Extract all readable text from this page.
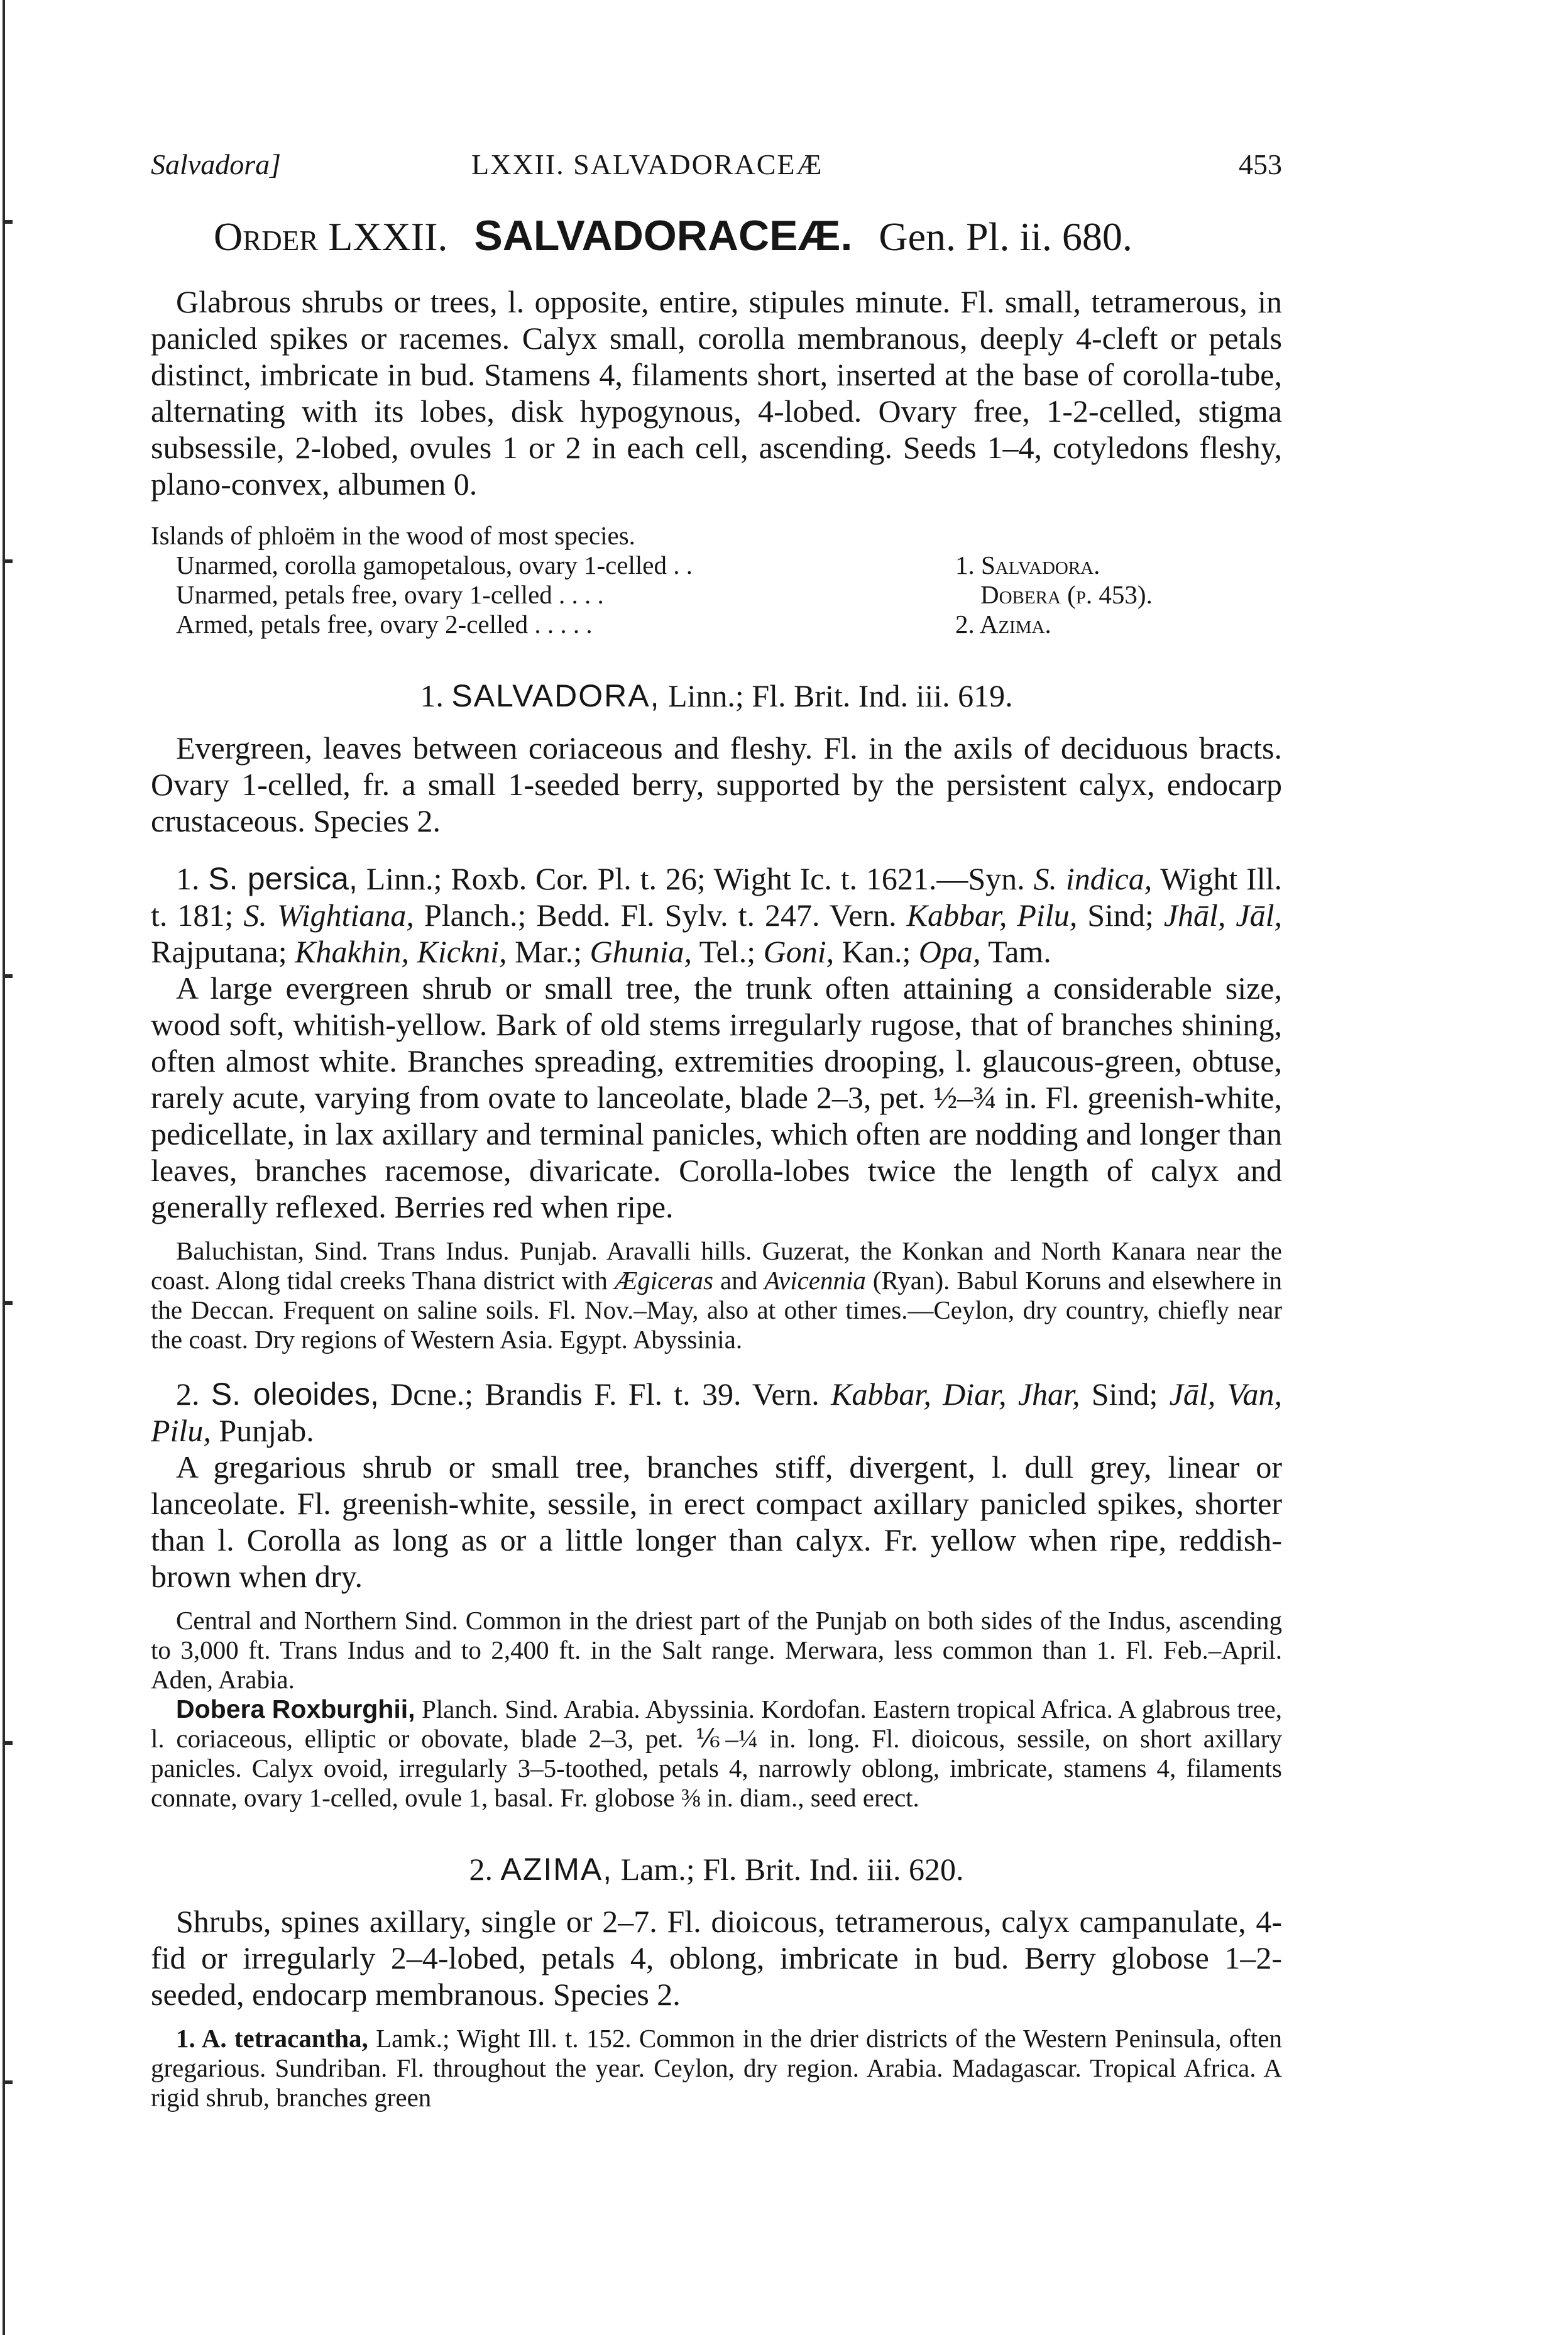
Salvadora]	LXXII. SALVADORACEÆ	453
Order LXXII. SALVADORACEÆ. Gen. Pl. ii. 680.

Glabrous shrubs or trees, l. opposite, entire, stipules minute. Fl. small, tetramerous, in panicled spikes or racemes. Calyx small, corolla membranous, deeply 4-cleft or petals distinct, imbricate in bud. Stamens 4, filaments short, inserted at the base of corolla-tube, alternating with its lobes, disk hypogynous, 4-lobed. Ovary free, 1-2-celled, stigma subsessile, 2-lobed, ovules 1 or 2 in each cell, ascending. Seeds 1–4, cotyledons fleshy, plano-convex, albumen 0.

Islands of phloëm in the wood of most species.
Unarmed, corolla gamopetalous, ovary 1-celled . .	1. Salvadora.
Unarmed, petals free, ovary 1-celled . . . .	Dobera (p. 453).
Armed, petals free, ovary 2-celled . . . . .	2. Azima.
1. SALVADORA, Linn.; Fl. Brit. Ind. iii. 619.

Evergreen, leaves between coriaceous and fleshy. Fl. in the axils of deciduous bracts. Ovary 1-celled, fr. a small 1-seeded berry, supported by the persistent calyx, endocarp crustaceous. Species 2.

1. S. persica, Linn.; Roxb. Cor. Pl. t. 26; Wight Ic. t. 1621.—Syn. S. indica, Wight Ill. t. 181; S. Wightiana, Planch.; Bedd. Fl. Sylv. t. 247. Vern. Kabbar, Pilu, Sind; Jhāl, Jāl, Rajputana; Khakhin, Kickni, Mar.; Ghunia, Tel.; Goni, Kan.; Opa, Tam.

A large evergreen shrub or small tree, the trunk often attaining a considerable size, wood soft, whitish-yellow. Bark of old stems irregularly rugose, that of branches shining, often almost white. Branches spreading, extremities drooping, l. glaucous-green, obtuse, rarely acute, varying from ovate to lanceolate, blade 2–3, pet. ½–¾ in. Fl. greenish-white, pedicellate, in lax axillary and terminal panicles, which often are nodding and longer than leaves, branches racemose, divaricate. Corolla-lobes twice the length of calyx and generally reflexed. Berries red when ripe.

Baluchistan, Sind. Trans Indus. Punjab. Aravalli hills. Guzerat, the Konkan and North Kanara near the coast. Along tidal creeks Thana district with Ægiceras and Avicennia (Ryan). Babul Koruns and elsewhere in the Deccan. Frequent on saline soils. Fl. Nov.–May, also at other times.—Ceylon, dry country, chiefly near the coast. Dry regions of Western Asia. Egypt. Abyssinia.

2. S. oleoides, Dcne.; Brandis F. Fl. t. 39. Vern. Kabbar, Diar, Jhar, Sind; Jāl, Van, Pilu, Punjab.

A gregarious shrub or small tree, branches stiff, divergent, l. dull grey, linear or lanceolate. Fl. greenish-white, sessile, in erect compact axillary panicled spikes, shorter than l. Corolla as long as or a little longer than calyx. Fr. yellow when ripe, reddish-brown when dry.

Central and Northern Sind. Common in the driest part of the Punjab on both sides of the Indus, ascending to 3,000 ft. Trans Indus and to 2,400 ft. in the Salt range. Merwara, less common than 1. Fl. Feb.–April. Aden, Arabia.

Dobera Roxburghii, Planch. Sind. Arabia. Abyssinia. Kordofan. Eastern tropical Africa. A glabrous tree, l. coriaceous, elliptic or obovate, blade 2–3, pet. ⅙–¼ in. long. Fl. dioicous, sessile, on short axillary panicles. Calyx ovoid, irregularly 3–5-toothed, petals 4, narrowly oblong, imbricate, stamens 4, filaments connate, ovary 1-celled, ovule 1, basal. Fr. globose ⅜ in. diam., seed erect.

2. AZIMA, Lam.; Fl. Brit. Ind. iii. 620.

Shrubs, spines axillary, single or 2–7. Fl. dioicous, tetramerous, calyx campanulate, 4-fid or irregularly 2–4-lobed, petals 4, oblong, imbricate in bud. Berry globose 1–2-seeded, endocarp membranous. Species 2.

1. A. tetracantha, Lamk.; Wight Ill. t. 152. Common in the drier districts of the Western Peninsula, often gregarious. Sundriban. Fl. throughout the year. Ceylon, dry region. Arabia. Madagascar. Tropical Africa. A rigid shrub, branches green
